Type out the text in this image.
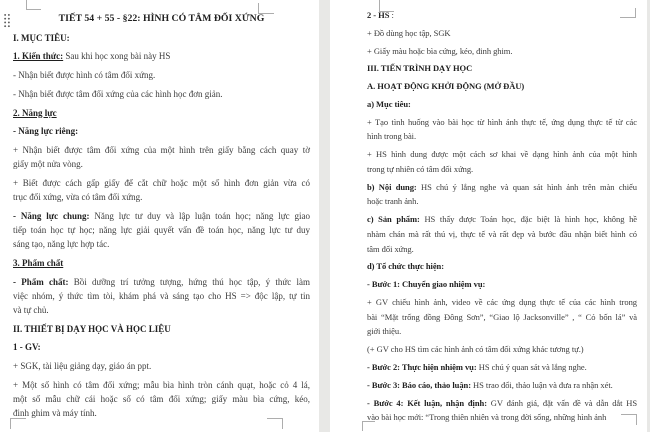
TIẾT 54 + 55 - §22: HÌNH CÓ TÂM ĐỐI XỨNG
I. MỤC TIÊU:
1. Kiến thức: Sau khi học xong bài này HS
- Nhận biết được hình có tâm đối xứng.
- Nhận biết được tâm đối xứng của các hình học đơn giản.
2. Năng lực
- Năng lực riêng:
+ Nhận biết được tâm đối xứng của một hình trên giấy bằng cách quay tờ
giấy một nửa vòng.
+ Biết được cách gấp giấy để cắt chữ hoặc một số hình đơn giản vừa có
trục đối xứng, vừa có tâm đối xứng.
- Năng lực chung: Năng lực tư duy và lập luận toán học; năng lực giao
tiếp toán học tự học; năng lực giải quyết vấn đề toán học, năng lực tư duy
sáng tạo, năng lực hợp tác.
3. Phẩm chất
- Phẩm chất: Bồi dưỡng trí tưởng tượng, hứng thú học tập, ý thức làm
việc nhóm, ý thức tìm tòi, khám phá và sáng tạo cho HS => độc lập, tự tin
và tự chủ.
II. THIẾT BỊ DẠY HỌC VÀ HỌC LIỆU
1 - GV:
+ SGK, tài liệu giảng dạy, giáo án ppt.
+ Một số hình có tâm đối xứng; mẫu bìa hình tròn cánh quạt, hoặc cỏ 4 lá,
một số mẫu chữ cái hoặc số có tâm đối xứng; giấy màu bìa cứng, kéo,
đinh ghim và máy tính.
2 - HS :
+ Đồ dùng học tập, SGK
+ Giấy màu hoặc bìa cứng, kéo, đinh ghim.
III. TIẾN TRÌNH DẠY HỌC
A. HOẠT ĐỘNG KHỞI ĐỘNG (MỞ ĐẦU)
a) Mục tiêu:
+ Tạo tình huống vào bài học từ hình ảnh thực tế, ứng dụng thực tế từ các
hình trong bài.
+ HS hình dung được một cách sơ khai về dạng hình ảnh của một hình
trong tự nhiên có tâm đối xứng.
b) Nội dung: HS chú ý lắng nghe và quan sát hình ảnh trên màn chiếu
hoặc tranh ảnh.
c) Sản phẩm: HS thấy được Toán học, đặc biệt là hình học, không hề
nhàm chán mà rất thú vị, thực tế và rất đẹp và bước đầu nhận biết hình có
tâm đối xứng.
d) Tổ chức thực hiện:
- Bước 1: Chuyển giao nhiệm vụ:
+ GV chiếu hình ảnh, video về các ứng dụng thực tế của các hình trong
bài “Mặt trống đồng Đông Sơn”, “Giao lộ Jacksonville” , “ Cỏ bốn lá” và
giới thiệu.
(+ GV cho HS tìm các hình ảnh có tâm đối xứng khác tương tự.)
- Bước 2: Thực hiện nhiệm vụ: HS chú ý quan sát và lắng nghe.
- Bước 3: Báo cáo, thảo luận: HS trao đổi, thảo luận và đưa ra nhận xét.
- Bước 4: Kết luận, nhận định: GV đánh giá, đặt vấn đề và dẫn dắt HS
vào bài học mới: “Trong thiên nhiên và trong đời sống, những hình ảnh
